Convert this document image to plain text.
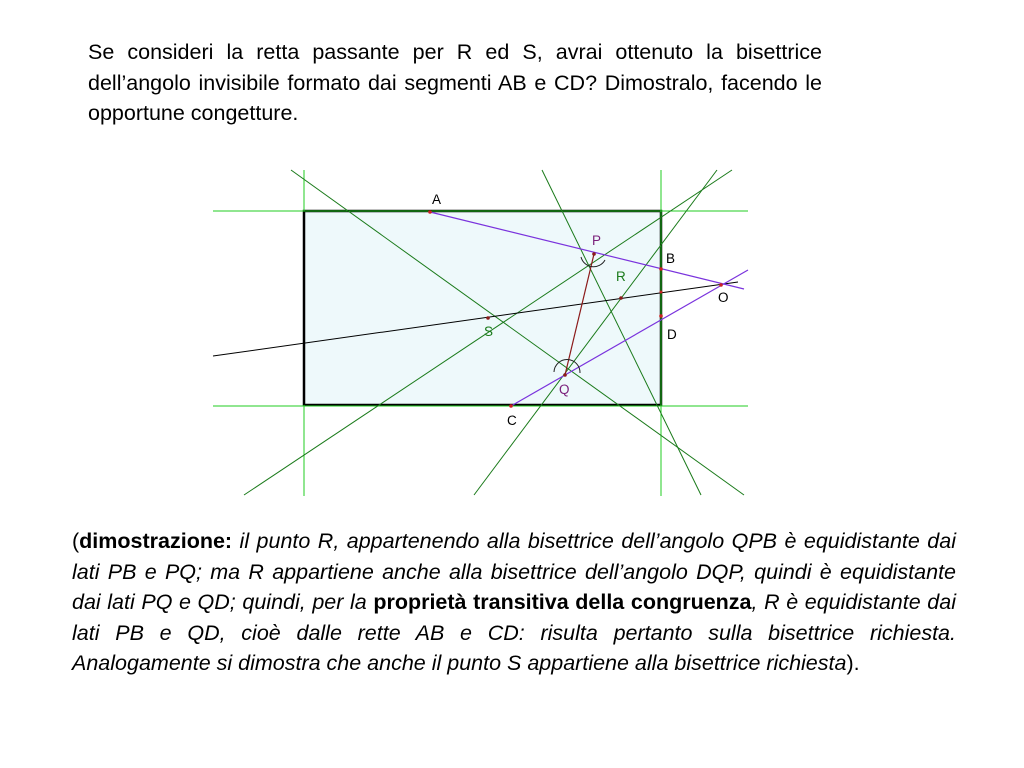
Se consideri la retta passante per R ed S, avrai ottenuto la bisettrice dell’angolo invisibile formato dai segmenti AB e CD? Dimostralo, facendo le opportune congetture.

A
B
C
D
O
P
Q
R
S

(dimostrazione: il punto R, appartenendo alla bisettrice dell’angolo QPB è equidistante dai lati PB e PQ; ma R appartiene anche alla bisettrice dell’angolo DQP, quindi è equidistante dai lati PQ e QD; quindi, per la proprietà transitiva della congruenza, R è equidistante dai lati PB e QD, cioè dalle rette AB e CD: risulta pertanto sulla bisettrice richiesta. Analogamente si dimostra che anche il punto S appartiene alla bisettrice richiesta).
